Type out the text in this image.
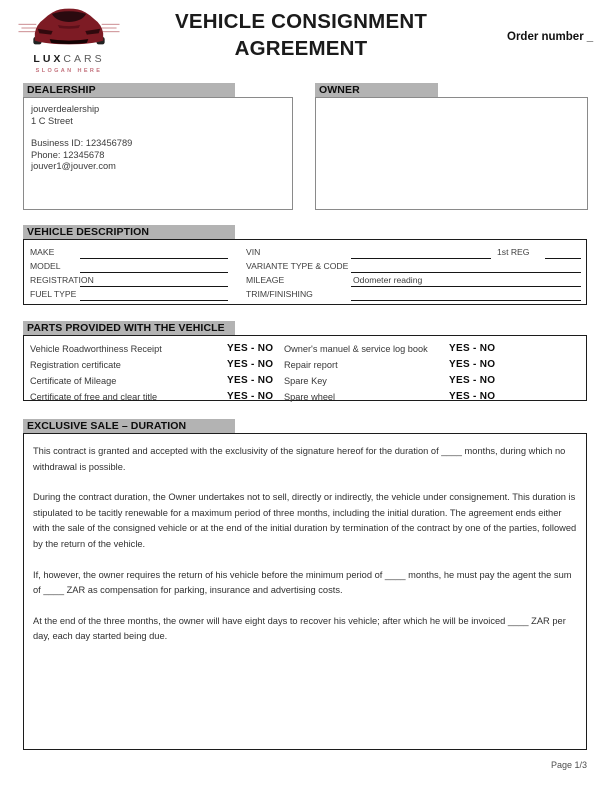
LUXCARS
SLOGAN HERE
VEHICLE CONSIGNMENT
AGREEMENT	Order number _
DEALERSHIP
jouverdealership
1 C Street
Business ID: 123456789
Phone: 12345678
jouver1@jouver.com
OWNER
VEHICLE DESCRIPTION
MAKE	VIN	1st REG
MODEL	VARIANTE TYPE & CODE
REGISTRATION	MILEAGE	Odometer reading
FUEL TYPE	TRIM/FINISHING
PARTS PROVIDED WITH THE VEHICLE
Vehicle Roadworthiness Receipt	YES - NO Owner's manuel & service log book YES - NO
Registration certificate	YES - NO Repair report	YES - NO
Certificate of Mileage	YES - NO Spare Key	YES - NO
Certificate of free and clear title	YES - NO Spare wheel	YES - NO
EXCLUSIVE SALE – DURATION

This contract is granted and accepted with the exclusivity of the signature hereof for the duration of ____ months, during which no withdrawal is possible.

During the contract duration, the Owner undertakes not to sell, directly or indirectly, the vehicle under consignement. This duration is stipulated to be tacitly renewable for a maximum period of three months, including the initial duration. The agreement ends either with the sale of the consigned vehicle or at the end of the initial duration by termination of the contract by one of the parties, followed by the return of the vehicle.

If, however, the owner requires the return of his vehicle before the minimum period of ____ months, he must pay the agent the sum of ____ ZAR as compensation for parking, insurance and advertising costs.

At the end of the three months, the owner will have eight days to recover his vehicle; after which he will be invoiced ____ ZAR per day, each day started being due.

Page 1/3
